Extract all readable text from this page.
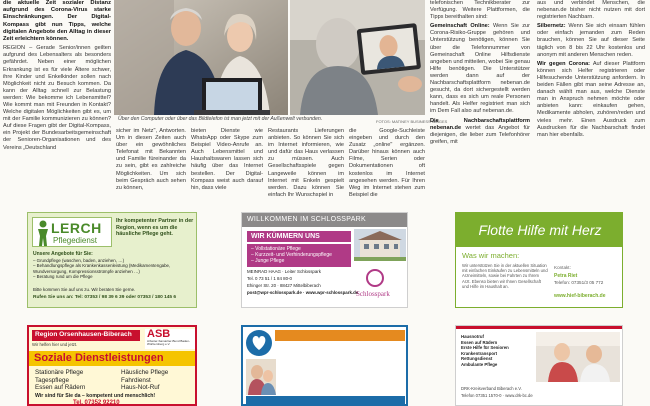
die aktuelle Zeit sozialer Distanz aufgrund des Corona-Virus starke Einschränkungen. Der Digital-Kompass gibt nun Tipps, welche digitalen Angebote den Alltag in dieser Zeit erleichtern können.
REGION – Gerade Senior/innen geilten aufgrund des Lebensalters als besonders gefährdet. Neben einer möglichen Erkrankung ist es für viele Ältere schwer, ihre Kinder und Enkelkinder sollen nach Möglichkeit nicht zu Besuch kommen. Da kann der Alltag schnell zur Belastung werden: Wie bekomme ich Lebensmittel? Wie kommt man mit Freunden in Kontakt? Welche digitalen Möglichkeiten gibt es, um mit der Familie kommunizieren zu können? Auf diese Fragen gibt der Digital-Kompass, ein Projekt der Bundesarbeitsgemeinschaft der Senioren-Organisationen und des Vereins „Deutschland
Über den Computer oder über das Bildtelefon ist man jetzt mit der Außenwelt verbunden.	FOTOS: MATINEY BUSINESS IMAGES
sicher im Netz", Antworten. Um in diesen Zeiten auch über ein gewöhnliches Telefonat mit Bekannten und Familie füreinander da zu sein, gibt es zahlreiche Möglichkeiten. Um sich beim Gespräch auch sehen zu können,
bieten Dienste wie WhatsApp oder Skype zum Beispiel Video-Anrufe an. Auch Lebensmittel und Haushaltswaren lassen sich häufig über das Internet bestellen. Der Digital-Kompass weist auch darauf hin, dass viele
Restaurants Lieferungen anbieten. So können Sie sich im Internet informieren, wie und dafür das Haus verlassen zu müssen. Auch Gesellschaftsspiele gegen Langeweile können im Internet mit Enkeln gespielt werden. Dazu können Sie einfach Ihr Wunschspiel in
die Google-Suchleiste eingeben und durch den Zusatz „online" ergänzen. Darüber hinaus können auch Filme, Serien oder Dokumentationen oft kostenlos im Internet angesehen werden. Für Ihren Weg im Internet stehen zum Beispiel die
telefonischen Technikberater zur Verfügung. Weitere Plattformen, die Tipps bereithalten sind:
Gemeinschaft Online: Wenn Sie zur Corona-Risiko-Gruppe gehören und Unterstützung benötigen, können Sie über die Telefonnummer von Gemeinschaft Online Hilfsdienste angeben und mitteilen, wobei Sie genau Hilfe benötigen. Die Unterstützer werden dann auf der Nachbarschaftsplattform nebenan.de gesucht, da dort sichergestellt werden kann, dass es sich um reale Personen handelt. Als Helfer registriert man sich im Dem Fall also auf nebenan.de.
Die Nachbarschaftsplattform nebenan.de wertet das Angebot für diejenigen, die lieber zum Telefonhörer greifen, mit
aus und verbindet Menschen, die nebenan.de bisher nicht nutzen mit dort registrierten Nachbarn.
Silbernetz: Wenn Sie sich einsam fühlen oder einfach jemanden zum Reden brauchen, können Sie auf dieser Seite täglich von 8 bis 22 Uhr kostenlos und anonym mit anderen Menschen reden.
Wir gegen Corona: Auf dieser Plattform können sich Helfer registrieren oder Hilfesuchende Unterstützung anfordern. In beiden Fällen gibt man seine Adresse an, danach wählt man aus, welche Dienste man in Anspruch nehmen möchte oder anbieten kann: einkaufen gehen, Medikamente abholen, zuhören/reden und vieles mehr. Einen Ausdruck zum Ausdrucken für die Nachbarschaft findet man hier ebenfalls.
LERCH
Pflegedienst
Ihr kompetenter Partner in der Region, wenn es um die häusliche Pflege geht.
Unsere Angebote für Sie:
– Grundpflege (waschen, baden, anziehen, …)
– Behandlungspflege als Krankenkassenleistung (Medikamentengabe, Wundversorgung, Kompressionsstrümpfe anziehen …)
– Beratung rund um die Pflege
Bitte kommen Sie auf uns zu. Wir beraten Sie gerne.
Rufen Sie uns an: Tel: 07353 / 98 39 6 39 oder 07353 / 180 145 6
WILLKOMMEN IM SCHLOSSPARK
WIR KÜMMERN UNS
– Vollstationäre Pflege
– Kurzzeit- und Verhinderungspflege
– Junge Pflege
MEINRAD HAAG · Leiter Schlosspark
Tel. 0 73 51 / 1 84 80-0
Ehinger Str. 20 · 88427 Mittelbiberach
post@wpr-schlosspark.de · www.wpr-schlosspark.de
Schlosspark
Flotte Hilfe mit Herz
Was wir machen:
Wir unterstützen Sie in der aktuellen Situation mit einfachen Einkäufen zu Lebensmitteln und Arzneimitteln, sowie bei Fahrten zu Ihrem Arzt. Ebenso bieten wir Ihnen Gesellschaft und Hilfe im Haushalt an.
Kontakt:
Petra Riet
Telefon: 07351/3 05 772
www.hief-biberach.de
Region Orsenhausen-Biberach
Wir helfen hier und jetzt.
ASB
Arbeiter-Samariter-Bund Baden-Württemberg e.V.
Soziale Dienstleistungen
Stationäre Pflege
Tagespflege
Essen auf Rädern
Häusliche Pflege
Fahrdienst
Haus-Not-Ruf
Wir sind für Sie da – kompetent und menschlich!
Tel. 07352 92210
Hausnotruf
Essen auf Rädern
Erste Hilfe für Senioren
Krankentransport
Rettungsdienst
Ambulante Pflege
DRK-Kreisverband Biberach e.V.
Telefon 07351 1570-0 · www.drk-bc.de
